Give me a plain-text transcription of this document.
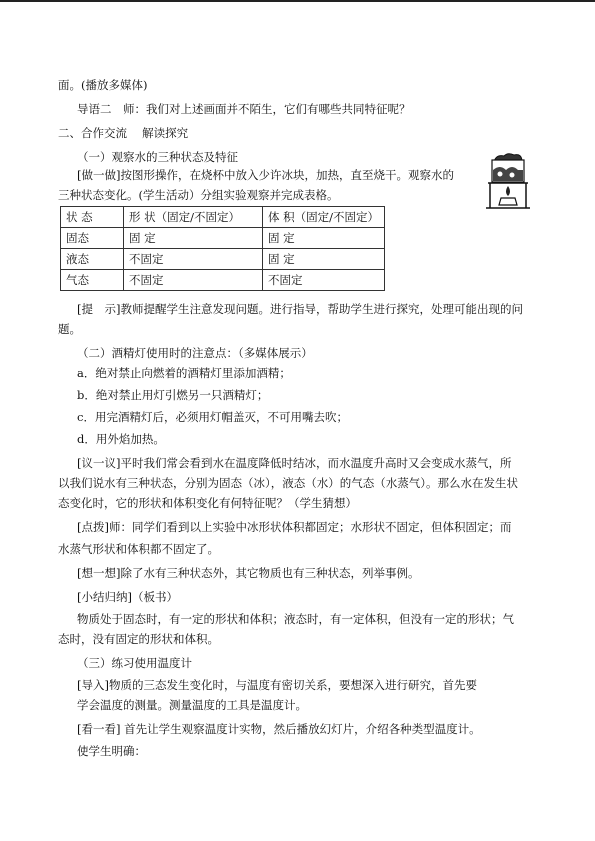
面。(播放多媒体)
导语二　师：我们对上述画面并不陌生，它们有哪些共同特征呢？
二、合作交流　 解读探究
（一）观察水的三种状态及特征
[做一做]按图形操作，在烧杯中放入少许冰块，加热，直至烧干。观察水的
三种状态变化。(学生活动）分组实验观察并完成表格。
状 态	形 状（固定/不固定）	体 积（固定/不固定）
固态	固 定	固 定
液态	不固定	固 定
气态	不固定	不固定
[提　示]教师提醒学生注意发现问题。进行指导，帮助学生进行探究，处理可能出现的问
题。
（二）酒精灯使用时的注意点：（多媒体展示）
a．绝对禁止向燃着的酒精灯里添加酒精；
b．绝对禁止用灯引燃另一只酒精灯；
c．用完酒精灯后，必须用灯帽盖灭，不可用嘴去吹；
d．用外焰加热。
[议一议]平时我们常会看到水在温度降低时结冰，而水温度升高时又会变成水蒸气，所
以我们说水有三种状态，分别为固态（冰），液态（水）的气态（水蒸气）。那么水在发生状
态变化时，它的形状和体积变化有何特征呢？（学生猜想）
[点拨]师：同学们看到以上实验中冰形状体积都固定；水形状不固定，但体积固定；而
水蒸气形状和体积都不固定了。
[想一想]除了水有三种状态外，其它物质也有三种状态，列举事例。
[小结归纳]（板书）
物质处于固态时，有一定的形状和体积；液态时，有一定体积，但没有一定的形状；气
态时，没有固定的形状和体积。
（三）练习使用温度计
[导入]物质的三态发生变化时，与温度有密切关系，要想深入进行研究，首先要
学会温度的测量。测量温度的工具是温度计。
[看一看] 首先让学生观察温度计实物，然后播放幻灯片，介绍各种类型温度计。
使学生明确：
